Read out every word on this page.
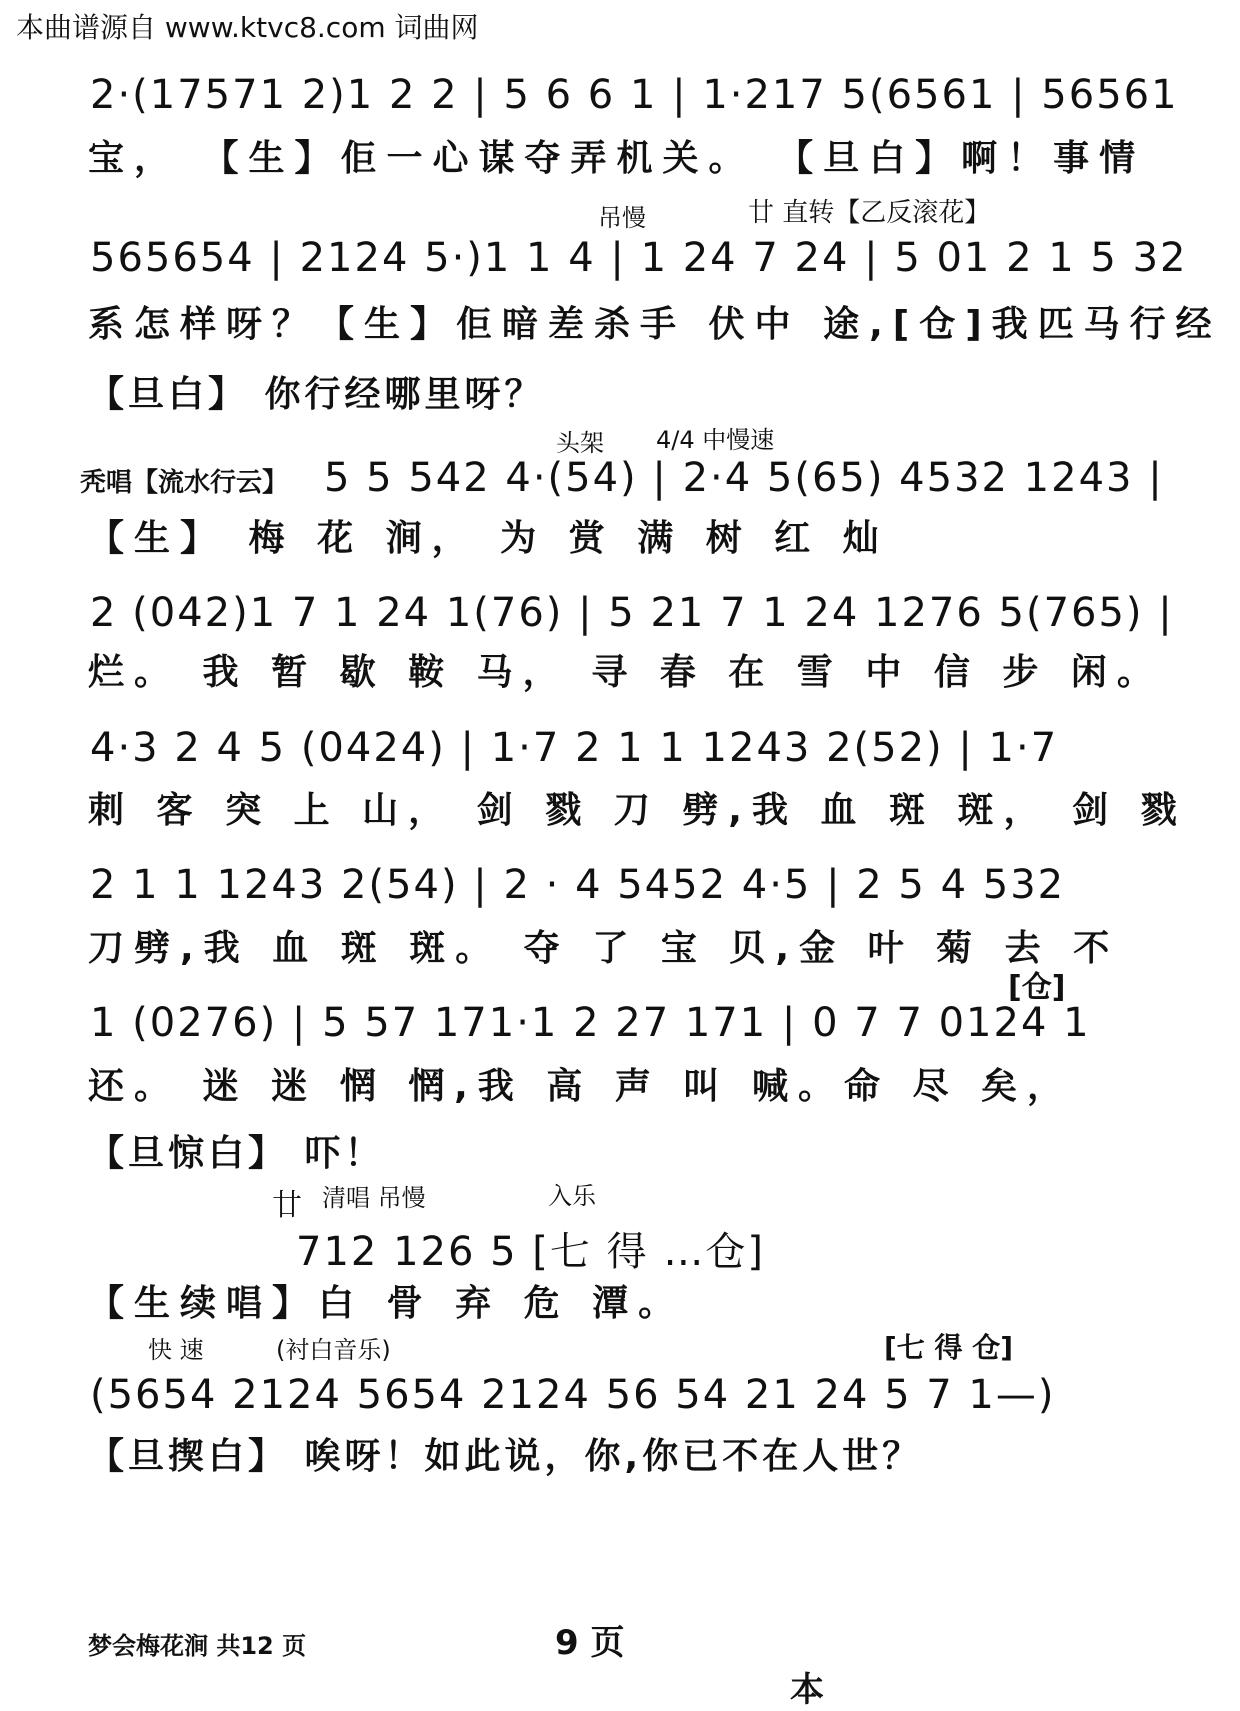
本曲谱源自 www.ktvc8.com 词曲网
2·(17571 2)1 2 2 | 5 6 6 1 | 1·217 5(6561 | 56561
宝， 【生】佢一心谋夺弄机关。 【旦白】啊！事情
吊慢	廿 直转【乙反滚花】
565654 | 2124 5·)1 1 4 | 1 24 7 24 | 5 01 2 1 5 32
系怎样呀？【生】佢暗差杀手 伏中 途,[仓]我匹马行经
【旦白】 你行经哪里呀？
头架 4/4 中慢速
秃唱【流水行云】 5 5 542 4·(54) | 2·4 5(65) 4532 1243 |
【生】 梅 花 涧， 为 赏 满 树 红 灿
2 (042)1 7 1 24 1(76) | 5 21 7 1 24 1276 5(765) |
烂。 我 暂 歇 鞍 马， 寻 春 在 雪 中 信 步 闲。
4·3 2 4 5 (0424) | 1·7 2 1 1 1243 2(52) | 1·7
刺 客 突 上 山， 剑 戮 刀 劈,我 血 斑 斑， 剑 戮
2 1 1 1243 2(54) | 2 · 4 5452 4·5 | 2 5 4 532
刀劈,我 血 斑 斑。 夺 了 宝 贝,金 叶 菊 去 不
[仓]
1 (0276) | 5 57 171·1 2 27 171 | 0 7 7 0124 1
还。 迷 迷 惘 惘,我 高 声 叫 喊。命 尽 矣，
【旦惊白】 吓！
廿 清唱 吊慢	入乐
712 126 5 [七 得 …仓]
【生续唱】白 骨 弃 危 潭。
快 速	(衬白音乐)	[七 得 仓]
(5654 2124 5654 2124 56 54 21 24 5 7 1—)
【旦揳白】 唉呀！如此说，你,你已不在人世？
梦会梅花涧 共12 页	9 页
本
